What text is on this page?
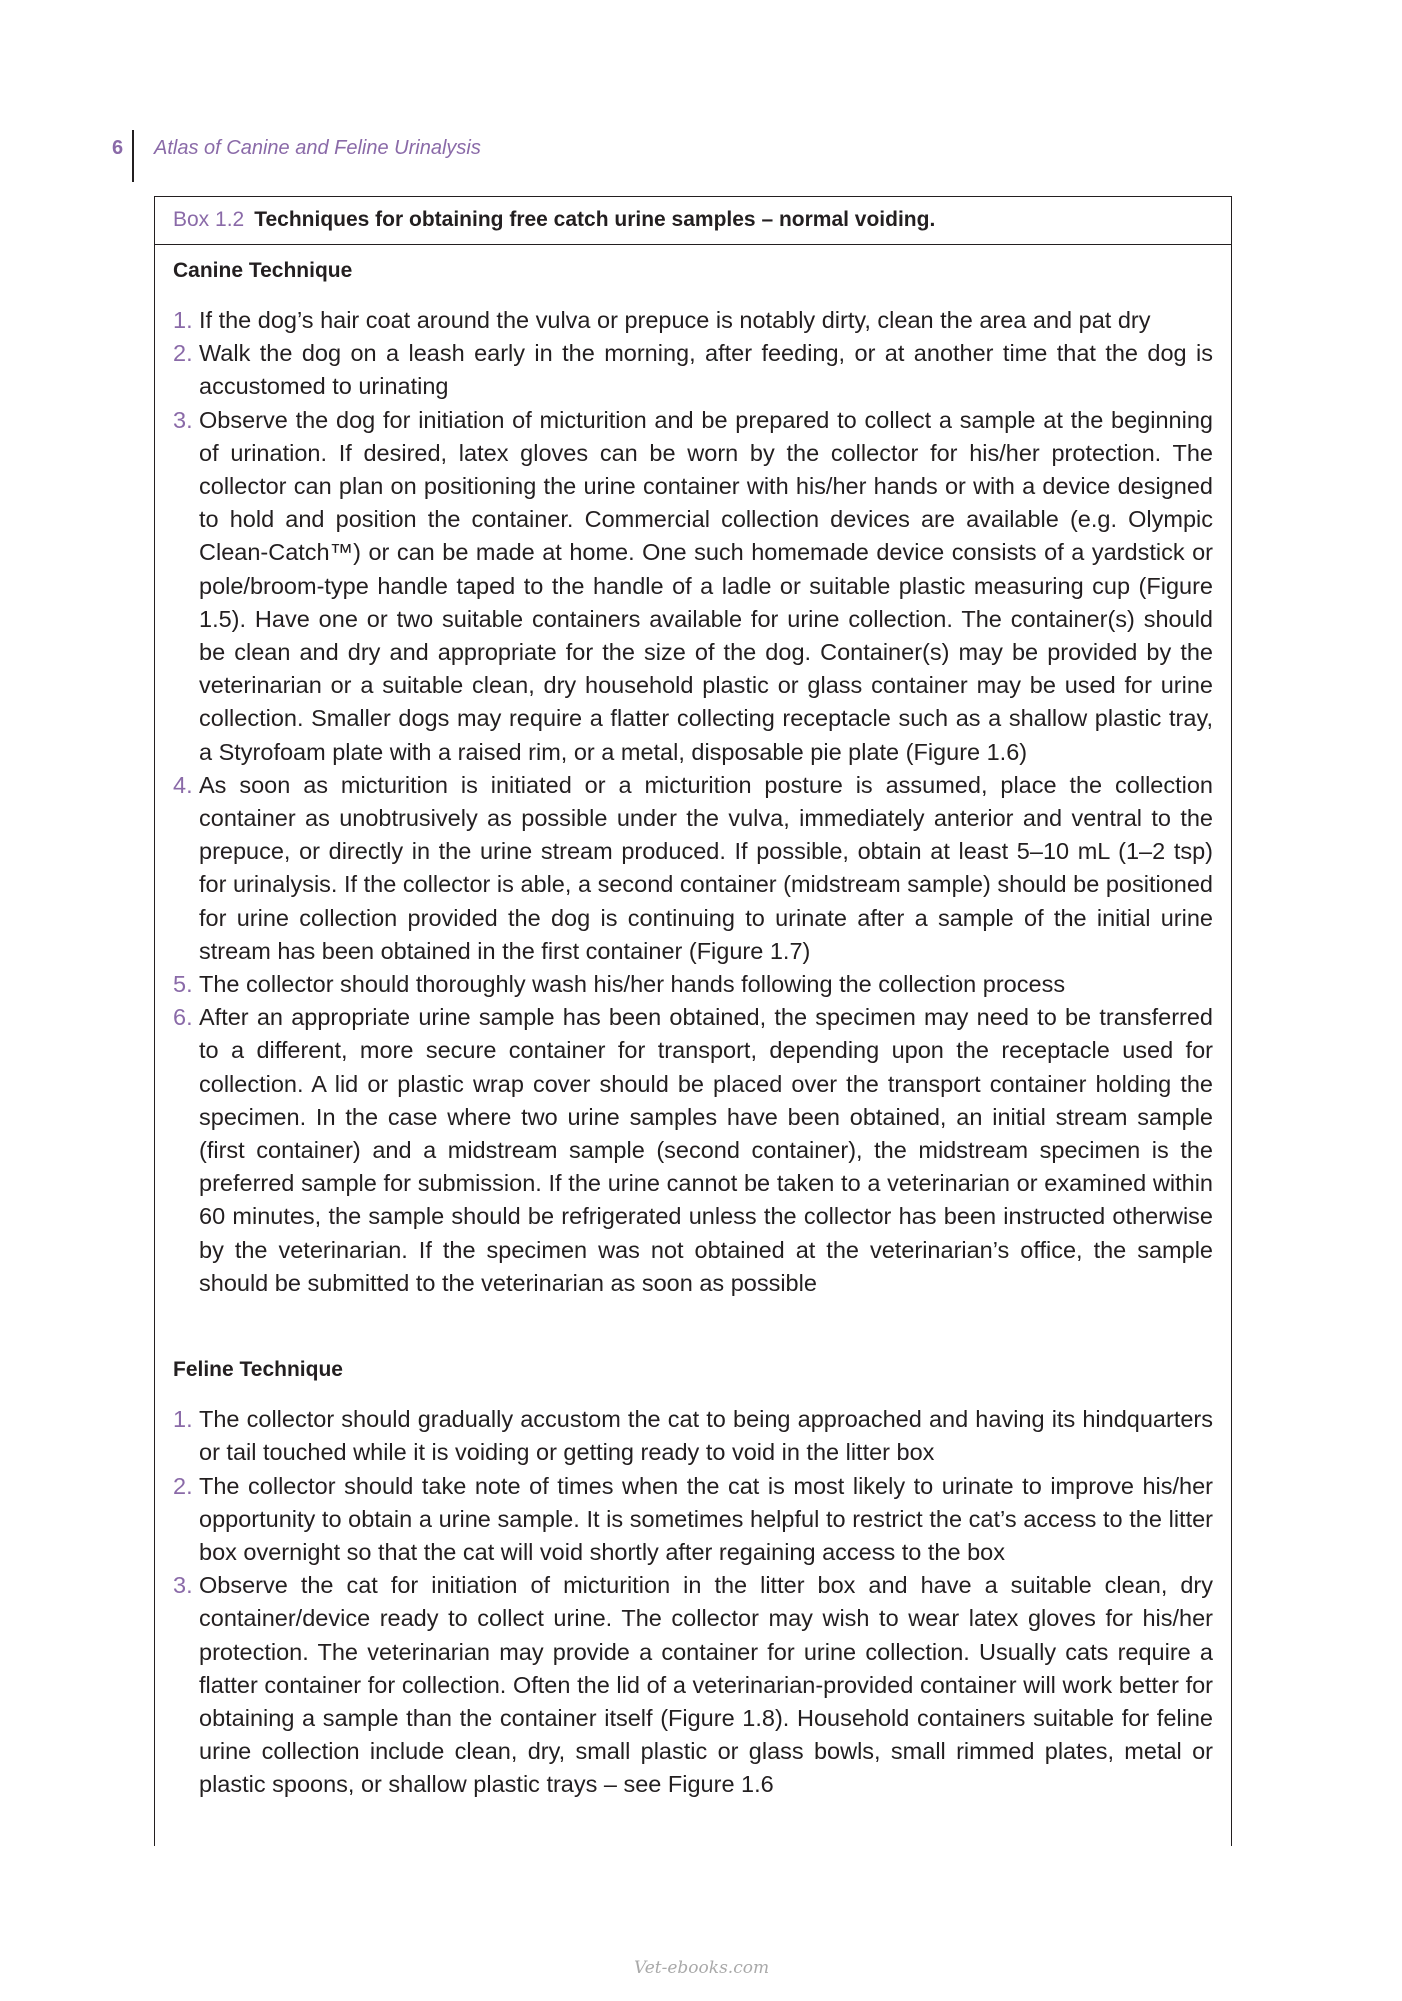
6 Atlas of Canine and Feline Urinalysis
Box 1.2 Techniques for obtaining free catch urine samples – normal voiding.
Canine Technique
1. If the dog’s hair coat around the vulva or prepuce is notably dirty, clean the area and pat dry
2. Walk the dog on a leash early in the morning, after feeding, or at another time that the dog is accustomed to urinating
3. Observe the dog for initiation of micturition and be prepared to collect a sample at the beginning of urination. If desired, latex gloves can be worn by the collector for his/her protection. The collector can plan on positioning the urine container with his/her hands or with a device designed to hold and position the container. Commercial collection devices are available (e.g. Olympic Clean-Catch™) or can be made at home. One such homemade device consists of a yardstick or pole/broom-type handle taped to the handle of a ladle or suitable plastic measuring cup (Figure 1.5). Have one or two suitable containers available for urine collection. The container(s) should be clean and dry and appropriate for the size of the dog. Container(s) may be provided by the veterinarian or a suitable clean, dry household plastic or glass container may be used for urine collection. Smaller dogs may require a flatter collecting receptacle such as a shallow plastic tray, a Styrofoam plate with a raised rim, or a metal, disposable pie plate (Figure 1.6)
4. As soon as micturition is initiated or a micturition posture is assumed, place the collection container as unobtrusively as possible under the vulva, immediately anterior and ventral to the prepuce, or directly in the urine stream produced. If possible, obtain at least 5–10 mL (1–2 tsp) for urinalysis. If the collector is able, a second container (midstream sample) should be positioned for urine collection provided the dog is continuing to urinate after a sample of the initial urine stream has been obtained in the first container (Figure 1.7)
5. The collector should thoroughly wash his/her hands following the collection process
6. After an appropriate urine sample has been obtained, the specimen may need to be transferred to a different, more secure container for transport, depending upon the receptacle used for collection. A lid or plastic wrap cover should be placed over the transport container holding the specimen. In the case where two urine samples have been obtained, an initial stream sample (first container) and a midstream sample (second container), the midstream specimen is the preferred sample for submission. If the urine cannot be taken to a veterinarian or examined within 60 minutes, the sample should be refrigerated unless the collector has been instructed otherwise by the veterinarian. If the specimen was not obtained at the veterinarian’s office, the sample should be submitted to the veterinarian as soon as possible
Feline Technique
1. The collector should gradually accustom the cat to being approached and having its hindquarters or tail touched while it is voiding or getting ready to void in the litter box
2. The collector should take note of times when the cat is most likely to urinate to improve his/her opportunity to obtain a urine sample. It is sometimes helpful to restrict the cat’s access to the litter box overnight so that the cat will void shortly after regaining access to the box
3. Observe the cat for initiation of micturition in the litter box and have a suitable clean, dry container/device ready to collect urine. The collector may wish to wear latex gloves for his/her protection. The veterinarian may provide a container for urine collection. Usually cats require a flatter container for collection. Often the lid of a veterinarian-provided container will work better for obtaining a sample than the container itself (Figure 1.8). Household containers suitable for feline urine collection include clean, dry, small plastic or glass bowls, small rimmed plates, metal or plastic spoons, or shallow plastic trays – see Figure 1.6
Vet-ebooks.com
